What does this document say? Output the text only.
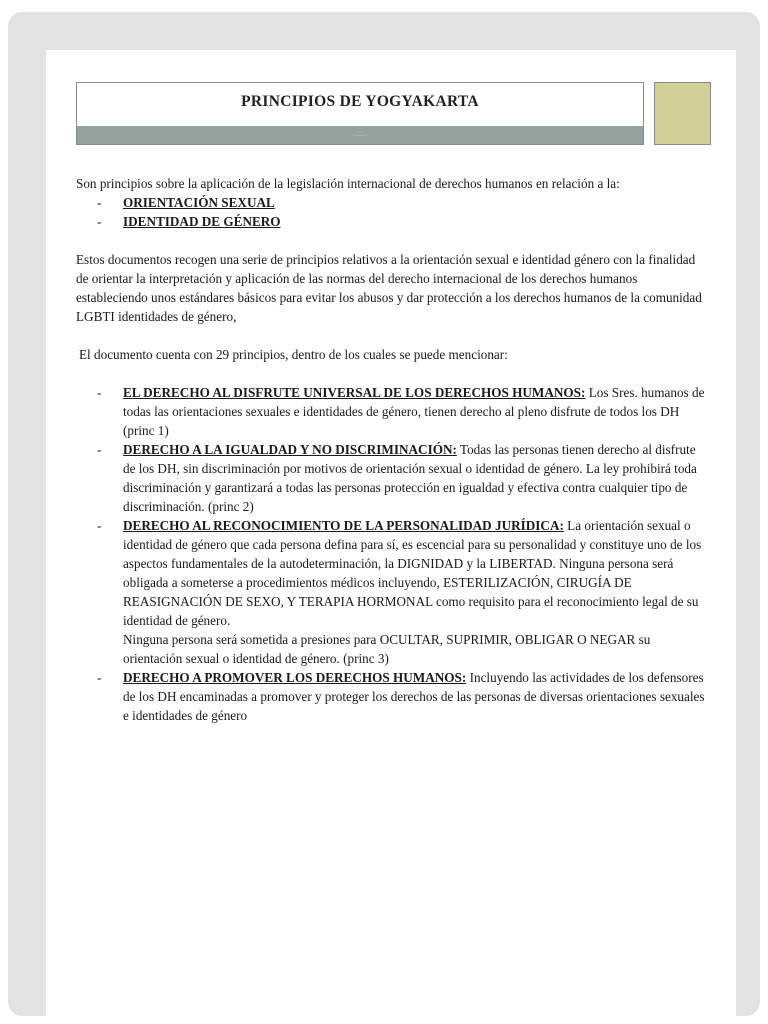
PRINCIPIOS DE YOGYAKARTA
....

Son principios sobre la aplicación de la legislación internacional de derechos humanos en relación a la:

- ORIENTACIÓN SEXUAL
- IDENTIDAD DE GÉNERO

Estos documentos recogen una serie de principios relativos a la orientación sexual e identidad género con la finalidad de orientar la interpretación y aplicación de las normas del derecho internacional de los derechos humanos estableciendo unos estándares básicos para evitar los abusos y dar protección a los derechos humanos de la comunidad LGBTI identidades de género,

El documento cuenta con 29 principios, dentro de los cuales se puede mencionar:

- EL DERECHO AL DISFRUTE UNIVERSAL DE LOS DERECHOS HUMANOS: Los Sres. humanos de todas las orientaciones sexuales e identidades de género, tienen derecho al pleno disfrute de todos los DH (princ 1)
- DERECHO A LA IGUALDAD Y NO DISCRIMINACIÓN: Todas las personas tienen derecho al disfrute de los DH, sin discriminación por motivos de orientación sexual o identidad de género. La ley prohibirá toda discriminación y garantizará a todas las personas protección en igualdad y efectiva contra cualquier tipo de discriminación. (princ 2)
- DERECHO AL RECONOCIMIENTO DE LA PERSONALIDAD JURÍDICA: La orientación sexual o identidad de género que cada persona defina para sí, es escencial para su personalidad y constituye uno de los aspectos fundamentales de la autodeterminación, la DIGNIDAD y la LIBERTAD. Ninguna persona será obligada a someterse a procedimientos médicos incluyendo, ESTERILIZACIÓN, CIRUGÍA DE REASIGNACIÓN DE SEXO, Y TERAPIA HORMONAL como requisito para el reconocimiento legal de su identidad de género.
Ninguna persona será sometida a presiones para OCULTAR, SUPRIMIR, OBLIGAR O NEGAR su orientación sexual o identidad de género. (princ 3)
- DERECHO A PROMOVER LOS DERECHOS HUMANOS: Incluyendo las actividades de los defensores de los DH encaminadas a promover y proteger los derechos de las personas de diversas orientaciones sexuales e identidades de género
